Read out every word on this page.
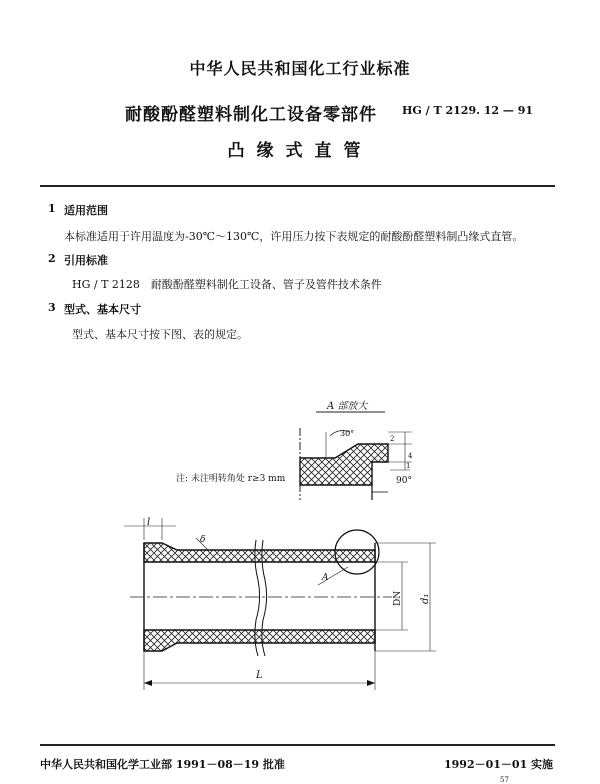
中华人民共和国化工行业标准
耐酸酚醛塑料制化工设备零部件 HG / T 2129. 12 — 91
凸缘式直管
1 适用范围
本标准适用于许用温度为-30℃～130℃，许用压力按下表规定的耐酸酚醛塑料制凸缘式直管。
2 引用标准
HG / T 2128　耐酸酚醛塑料制化工设备、管子及管件技术条件
3 型式、基本尺寸
型式、基本尺寸按下图、表的规定。
A 部放大
30°
90°
2
4
1
注: 未注明转角处 r≥3 mm
l
δ
A
DN d₁
L
中华人民共和国化学工业部 1991－08－19 批准	1992－01－01 实施
57
